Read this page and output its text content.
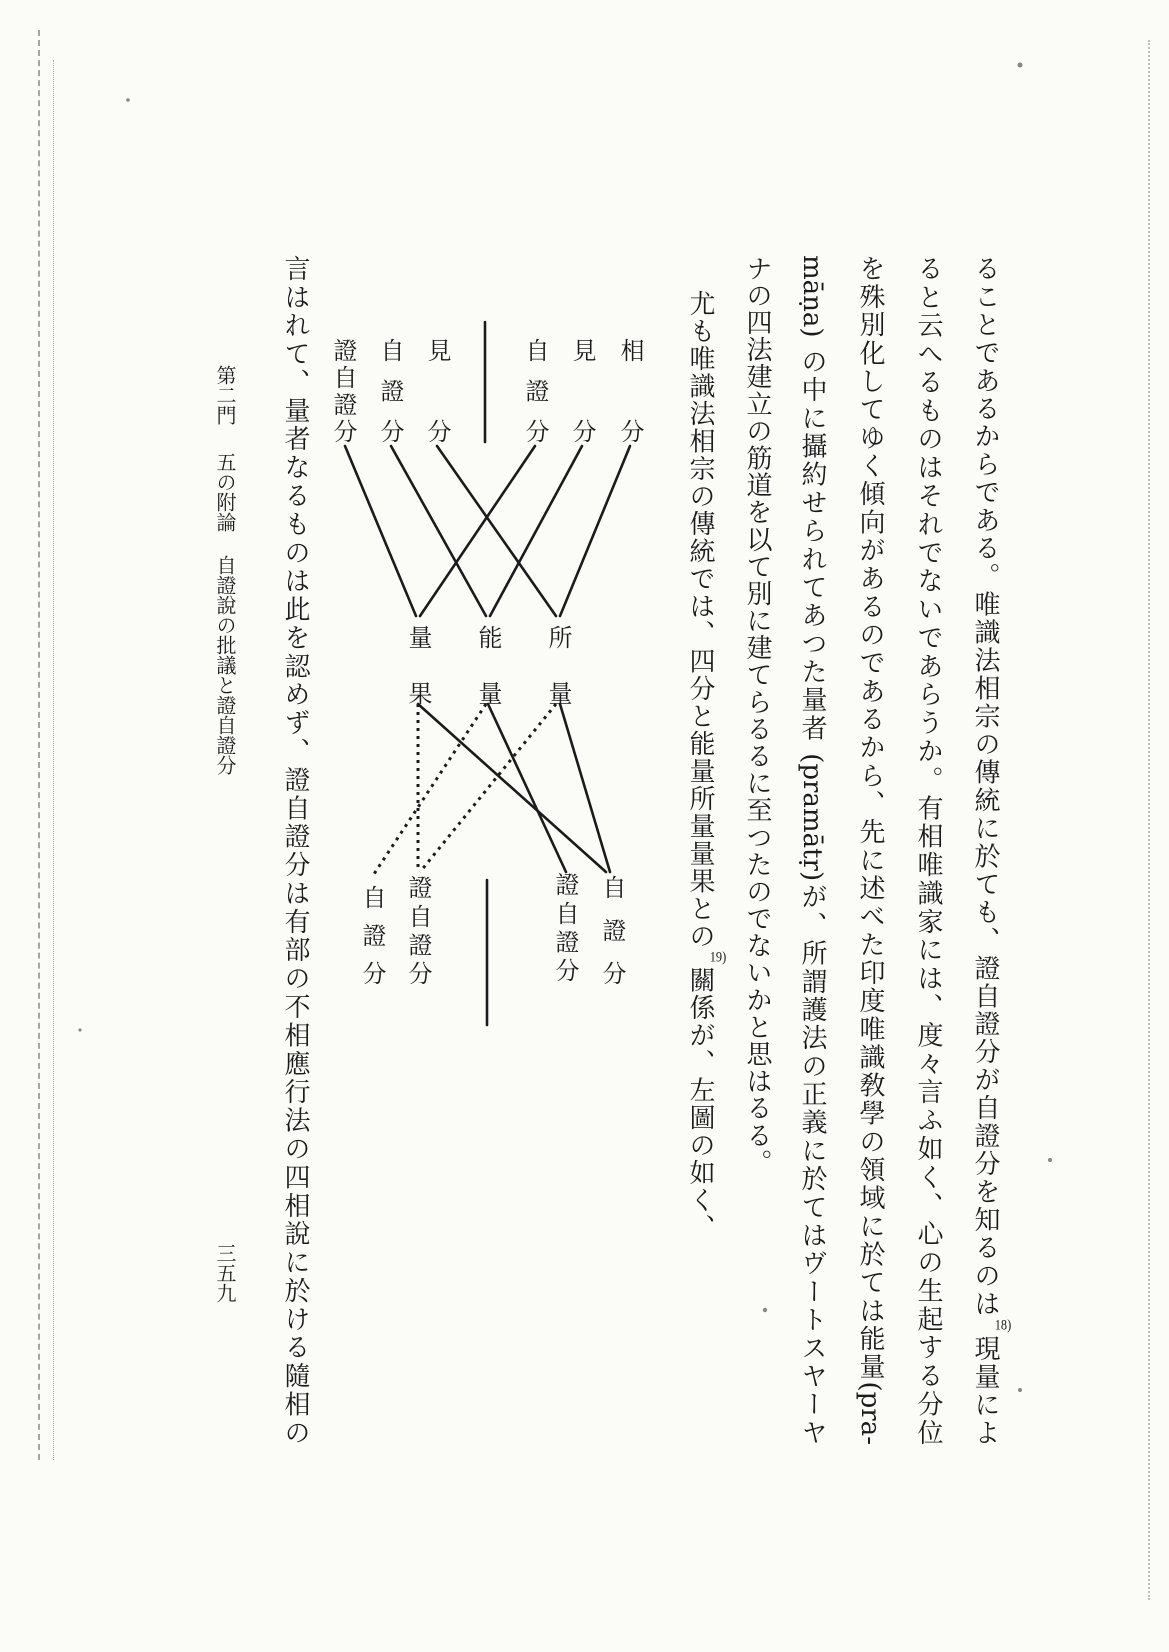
ることであるからである。唯識法相宗の傳統に於ても、證自證分が自證分を知るのは18)現量によ
ると云へるものはそれでないであらうか。有相唯識家には、度々言ふ如く、心の生起する分位
を殊別化してゆく傾向があるのであるから、先に述べた印度唯識敎學の領域に於ては能量(pra-
māṇa) の中に攝約せられてあつた量者 (pramātṛ)が、所謂護法の正義に於てはヴートスヤーヤ
ナの四法建立の筋道を以て別に建てらるるに至つたのでないかと思はるる。
尤も唯識法相宗の傳統では、四分と能量所量量果との19)關係が、左圖の如く、
相分
見分
自證分
見分
自證分
證自證分
所量
能量
量果
自證分
證自證分
證自證分
自證分
言はれて、量者なるものは此を認めず、證自證分は有部の不相應行法の四相說に於ける隨相の
第二門
五の附論
自證說の批議と證自證分
三五九
